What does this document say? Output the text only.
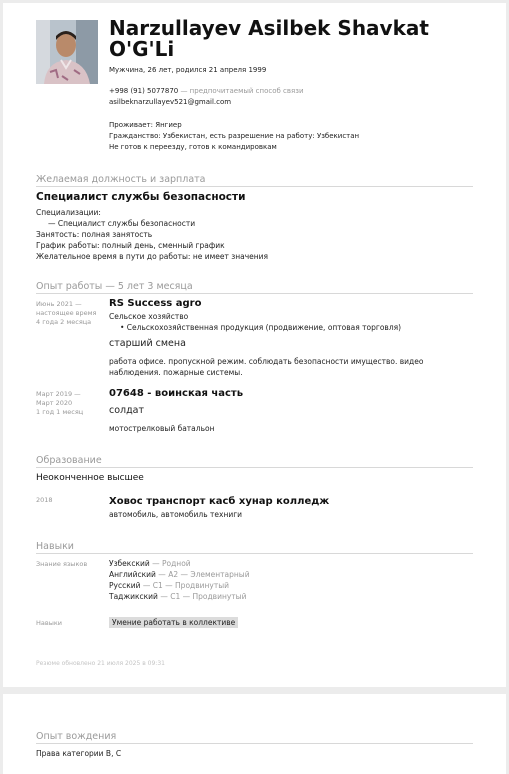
Narzullayev Asilbek Shavkat O'G'Li
Мужчина, 26 лет, родился 21 апреля 1999
+998 (91) 5077870 — предпочитаемый способ связи
asilbeknarzullayev521@gmail.com
Проживает: Янгиер
Гражданство: Узбекистан, есть разрешение на работу: Узбекистан
Не готов к переезду, готов к командировкам
Желаемая должность и зарплата
Специалист службы безопасности
Специализации:
— Специалист службы безопасности
Занятость: полная занятость
График работы: полный день, сменный график
Желательное время в пути до работы: не имеет значения
Опыт работы — 5 лет 3 месяца
Июнь 2021 —
настоящее время
4 года 2 месяца
RS Success agro
Сельское хозяйство
• Сельскохозяйственная продукция (продвижение, оптовая торговля)
старший смена
работа офисе. пропускной режим. соблюдать безопасности имущество. видео наблюдения. пожарные системы.
Март 2019 —
Март 2020
1 год 1 месяц
07648 - воинская часть
солдат
мотострелковый батальон
Образование
Неоконченное высшее
2018	Ховос транспорт касб хунар колледж
автомобиль, автомобиль техниги
Навыки
Знание языков	Узбекский — Родной
Английский — A2 — Элементарный
Русский — C1 — Продвинутый
Таджикский — C1 — Продвинутый
Навыки	Умение работать в коллективе
Резюме обновлено 21 июля 2025 в 09:31
Опыт вождения
Права категории B, C
